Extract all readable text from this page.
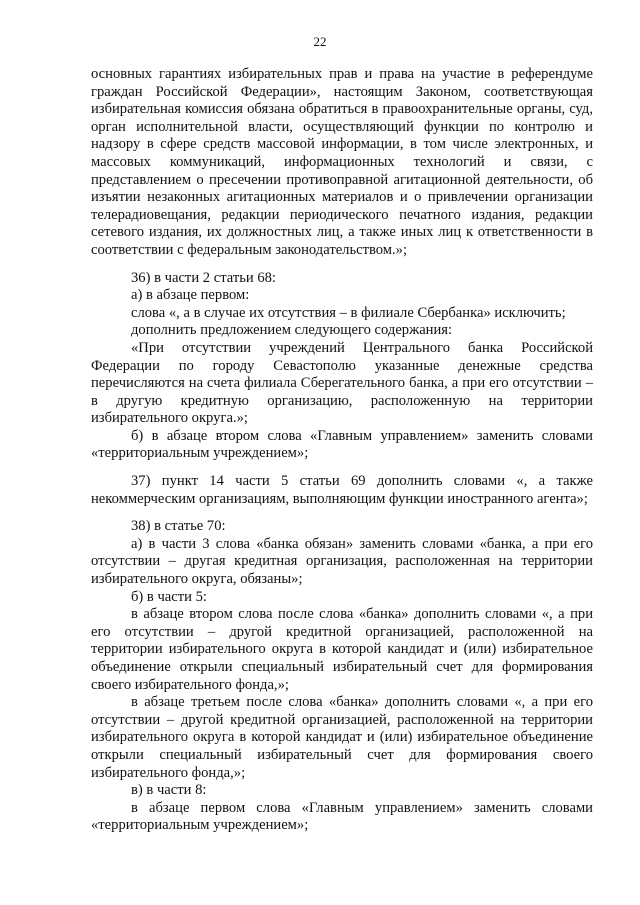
22

основных гарантиях избирательных прав и права на участие в референдуме граждан Российской Федерации», настоящим Законом, соответствующая избирательная комиссия обязана обратиться в правоохранительные органы, суд, орган исполнительной власти, осуществляющий функции по контролю и надзору в сфере средств массовой информации, в том числе электронных, и массовых коммуникаций, информационных технологий и связи, с представлением о пресечении противоправной агитационной деятельности, об изъятии незаконных агитационных материалов и о привлечении организации телерадиовещания, редакции периодического печатного издания, редакции сетевого издания, их должностных лиц, а также иных лиц к ответственности в соответствии с федеральным законодательством.»;

36) в части 2 статьи 68:

а) в абзаце первом:

слова «, а в случае их отсутствия – в филиале Сбербанка» исключить;

дополнить предложением следующего содержания:

«При отсутствии учреждений Центрального банка Российской Федерации по городу Севастополю указанные денежные средства перечисляются на счета филиала Сберегательного банка, а при его отсутствии – в другую кредитную организацию, расположенную на территории избирательного округа.»;

б) в абзаце втором слова «Главным управлением» заменить словами «территориальным учреждением»;

37) пункт 14 части 5 статьи 69 дополнить словами «, а также некоммерческим организациям, выполняющим функции иностранного агента»;

38) в статье 70:

а) в части 3 слова «банка обязан» заменить словами «банка, а при его отсутствии – другая кредитная организация, расположенная на территории избирательного округа, обязаны»;

б) в части 5:

в абзаце втором слова после слова «банка» дополнить словами «, а при его отсутствии – другой кредитной организацией, расположенной на территории избирательного округа в которой кандидат и (или) избирательное объединение открыли специальный избирательный счет для формирования своего избирательного фонда,»;

в абзаце третьем после слова «банка» дополнить словами «, а при его отсутствии – другой кредитной организацией, расположенной на территории избирательного округа в которой кандидат и (или) избирательное объединение открыли специальный избирательный счет для формирования своего избирательного фонда,»;

в) в части 8:

в абзаце первом слова «Главным управлением» заменить словами «территориальным учреждением»;
